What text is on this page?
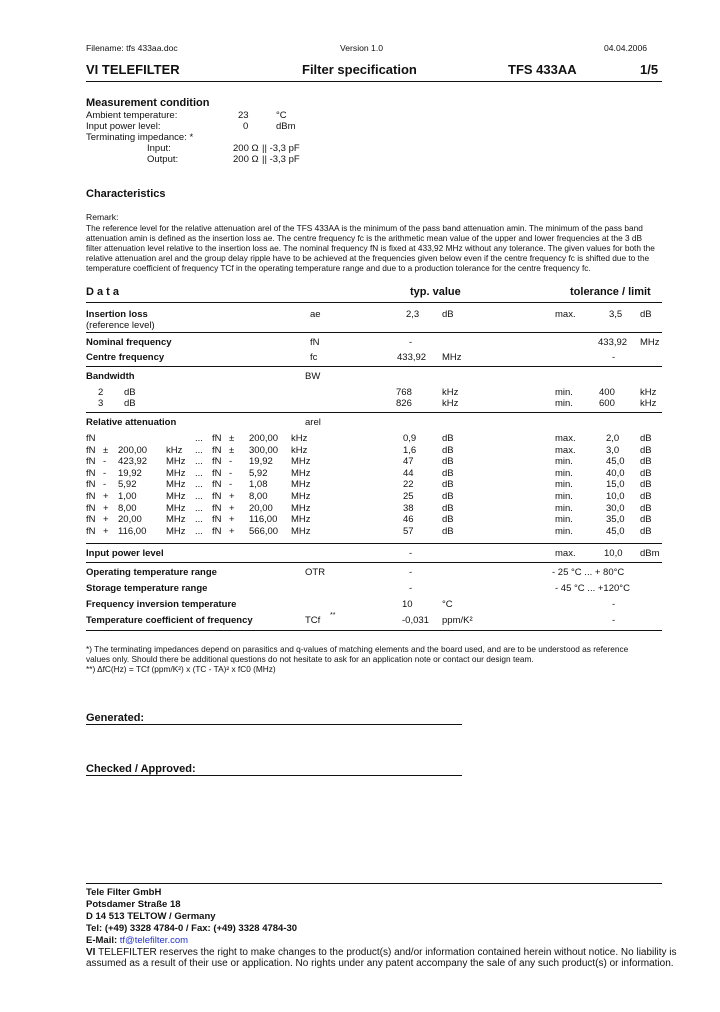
Filename: tfs 433aa.doc	Version 1.0	04.04.2006
VI TELEFILTER	Filter specification	TFS 433AA	1/5
Measurement condition
Ambient temperature:	23	°C
Input power level:	0	dBm
Terminating impedance: *
Input:	200 Ω || -3,3 pF
Output:	200 Ω || -3,3 pF
Characteristics
Remark:
The reference level for the relative attenuation arel of the TFS 433AA is the minimum of the pass band attenuation amin. The minimum of the pass band
attenuation amin is defined as the insertion loss ae. The centre frequency fc is the arithmetic mean value of the upper and lower frequencies at the 3 dB
filter attenuation level relative to the insertion loss ae. The nominal frequency fN is fixed at 433,92 MHz without any tolerance. The given values for both the
relative attenuation arel and the group delay ripple have to be achieved at the frequencies given below even if the centre frequency fc is shifted due to the
temperature coefficient of frequency TCf in the operating temperature range and due to a production tolerance for the centre frequency fc.
D a t a	typ. value	tolerance / limit
Insertion loss
(reference level)
ae	2,3 dB	max.	3,5 dB
Nominal frequency	fN	-	433,92 MHz
Centre frequency	fc	433,92 MHz	-
Bandwidth	BW
2 dB	768	kHz	min.	400	kHz
3 dB	826	kHz	min.	600	kHz
Relative attenuation	arel
fN	... fN ± 200,00 kHz	0,9	dB	max.	2,0 dB
fN ± 200,00 kHz ... fN ± 300,00 kHz	1,6	dB	max.	3,0 dB
fN - 423,92 MHz ... fN - 19,92 MHz	47	dB	min.	45,0 dB
fN - 19,92	MHz ... fN - 5,92 MHz	44	dB	min.	40,0 dB
fN - 5,92	MHz ... fN - 1,08 MHz	22	dB	min.	15,0 dB
fN + 1,00	MHz ... fN + 8,00 MHz	25	dB	min.	10,0 dB
fN + 8,00	MHz ... fN + 20,00 MHz	38	dB	min.	30,0 dB
fN + 20,00	MHz ... fN + 116,00 MHz	46	dB	min.	35,0 dB
fN + 116,00 MHz ... fN + 566,00 MHz	57	dB	min.	45,0 dB
Input power level	-	max.	10,0 dBm
Operating temperature range	OTR	-	- 25 °C ... + 80°C
Storage temperature range	-	- 45 °C ... +120°C
Frequency inversion temperature	10	°C	-
Temperature coefficient of frequency	TCf **	-0,031 ppm/K²	-
*) The terminating impedances depend on parasitics and q-values of matching elements and the board used, and are to be understood as reference
values only. Should there be additional questions do not hesitate to ask for an application note or contact our design team.
**) ΔfC(Hz) = TCf (ppm/K²) x (TC - TA)² x fC0 (MHz)
Generated:
Checked / Approved:
Tele Filter GmbH
Potsdamer Straße 18
D 14 513 TELTOW / Germany
Tel: (+49) 3328 4784-0 / Fax: (+49) 3328 4784-30
E-Mail: tf@telefilter.com
VI TELEFILTER reserves the right to make changes to the product(s) and/or information contained herein without notice. No liability is
assumed as a result of their use or application. No rights under any patent accompany the sale of any such product(s) or information.
